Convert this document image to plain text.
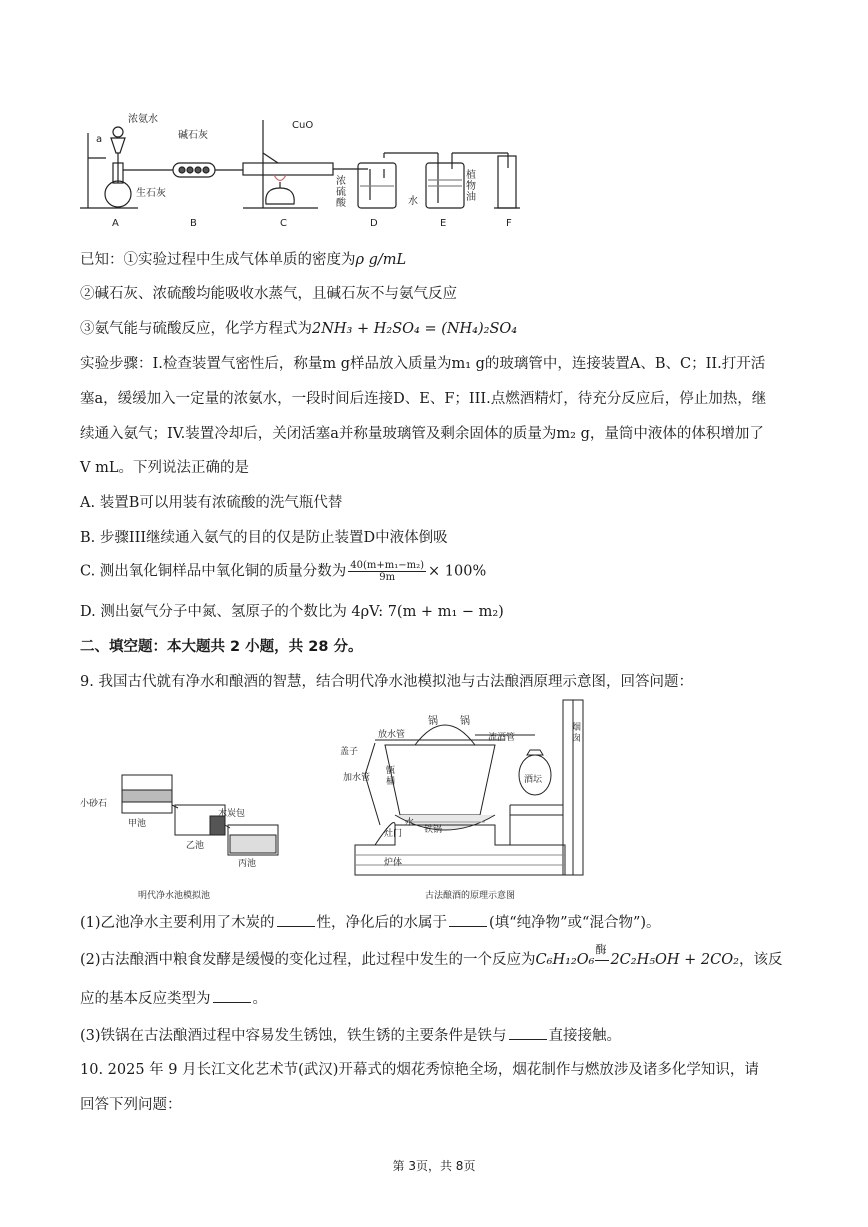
浓氨水
碱石灰
CuO
a
生石灰
浓
硫
酸	水
植
物
油
A	B	C	D	E	F
已知：①实验过程中生成气体单质的密度为ρ g/mL
②碱石灰、浓硫酸均能吸收水蒸气，且碱石灰不与氨气反应
③氨气能与硫酸反应，化学方程式为2NH₃ + H₂SO₄ = (NH₄)₂SO₄
实验步骤：I.检查装置气密性后，称量m g样品放入质量为m₁ g的玻璃管中，连接装置A、B、C；II.打开活
塞a，缓缓加入一定量的浓氨水，一段时间后连接D、E、F；III.点燃酒精灯，待充分反应后，停止加热，继
续通入氨气；IV.装置冷却后，关闭活塞a并称量玻璃管及剩余固体的质量为m₂ g，量筒中液体的体积增加了
V mL。下列说法正确的是
A. 装置B可以用装有浓硫酸的洗气瓶代替
B. 步骤III继续通入氨气的目的仅是防止装置D中液体倒吸
C. 测出氧化铜样品中氧化铜的质量分数为 $\frac{\text{40(m+m₁−m₂)}}{9m} \times 100\%$
D. 测出氨气分子中氮、氢原子的个数比为 4ρV: 7(m + m₁ − m₂)
二、填空题：本大题共 2 小题，共 28 分。
9. 我国古代就有净水和酿酒的智慧，结合明代净水池模拟池与古法酿酒原理示意图，回答问题：
小砂石
木炭包
甲池
乙池
丙池
明代净水池模拟池
锅 锅
放水管	流酒管
烟
囱
盖子
加水管
甑
桶	酒坛
水
铁锅
灶门
炉体
古法酿酒的原理示意图
(1)乙池净水主要利用了木炭的	性，净化后的水属于	(填“纯净物”或“混合物”)。
(2)古法酿酒中粮食发酵是缓慢的变化过程，此过程中发生的一个反应为C₆H₁₂O₆
酶
2C₂H₅OH + 2CO₂，该反
应的基本反应类型为	。
(3)铁锅在古法酿酒过程中容易发生锈蚀，铁生锈的主要条件是铁与	直接接触。
10. 2025 年 9 月长江文化艺术节(武汉)开幕式的烟花秀惊艳全场，烟花制作与燃放涉及诸多化学知识，请
回答下列问题：
第 3页，共 8页
